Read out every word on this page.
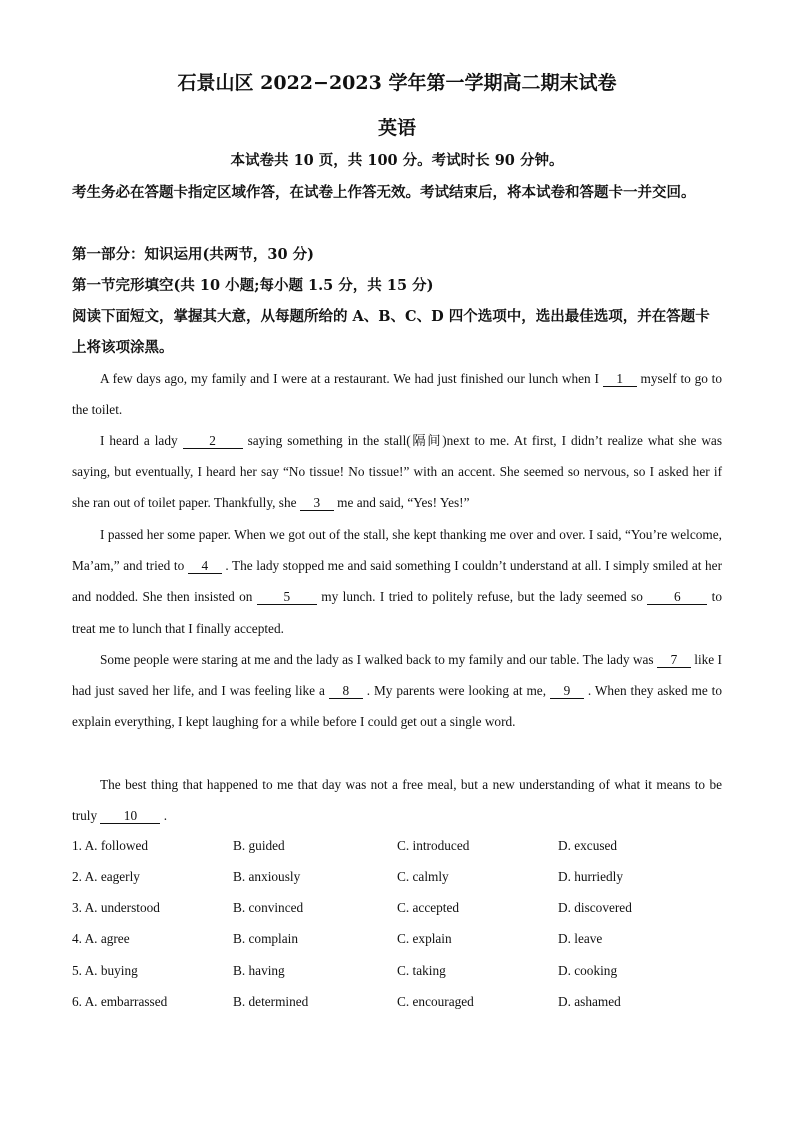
石景山区 2022−2023 学年第一学期高二期末试卷
英语
本试卷共 10 页，共 100 分。考试时长 90 分钟。
考生务必在答题卡指定区域作答，在试卷上作答无效。考试结束后，将本试卷和答题卡一并交回。
第一部分：知识运用(共两节，30 分)
第一节完形填空(共 10 小题;每小题 1.5 分，共 15 分)
阅读下面短文，掌握其大意，从每题所给的 A、B、C、D 四个选项中，选出最佳选项，并在答题卡上将该项涂黑。
A few days ago, my family and I were at a restaurant. We had just finished our lunch when I 1 myself to go to the toilet.
I heard a lady 2 saying something in the stall(隔间)next to me. At first, I didn’t realize what she was saying, but eventually, I heard her say “No tissue! No tissue!” with an accent. She seemed so nervous, so I asked her if she ran out of toilet paper. Thankfully, she 3 me and said, “Yes! Yes!”
I passed her some paper. When we got out of the stall, she kept thanking me over and over. I said, “You’re welcome, Ma’am,” and tried to 4 . The lady stopped me and said something I couldn’t understand at all. I simply smiled at her and nodded. She then insisted on 5 my lunch. I tried to politely refuse, but the lady seemed so 6 to treat me to lunch that I finally accepted.
Some people were staring at me and the lady as I walked back to my family and our table. The lady was 7 like I had just saved her life, and I was feeling like a 8 . My parents were looking at me, 9 . When they asked me to explain everything, I kept laughing for a while before I could get out a single word.
The best thing that happened to me that day was not a free meal, but a new understanding of what it means to be truly 10 .
1. A. followed	B. guided	C. introduced	D. excused
2. A. eagerly	B. anxiously	C. calmly	D. hurriedly
3. A. understood	B. convinced	C. accepted	D. discovered
4. A. agree	B. complain	C. explain	D. leave
5. A. buying	B. having	C. taking	D. cooking
6. A. embarrassed	B. determined	C. encouraged	D. ashamed
